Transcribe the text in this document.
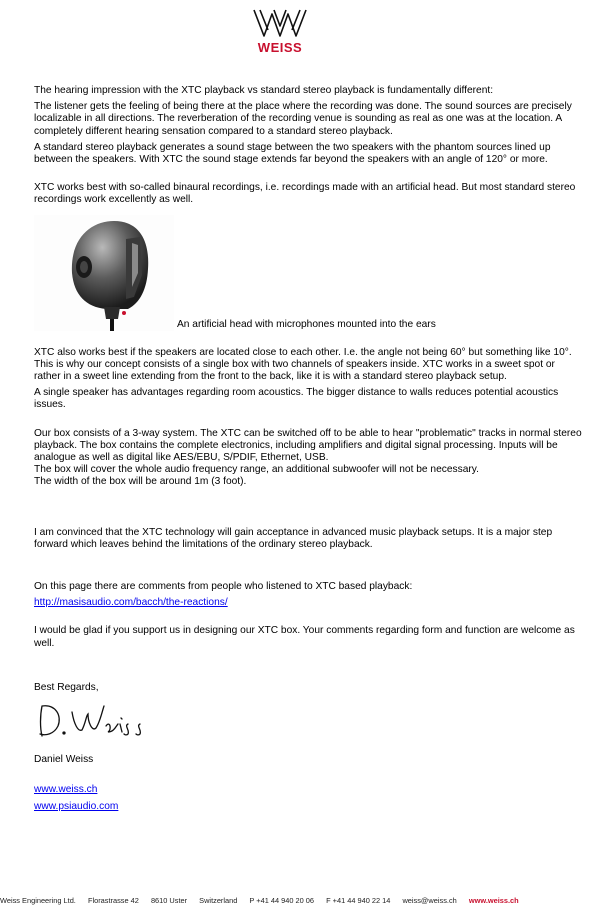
WEISS

The hearing impression with the XTC playback vs standard stereo playback is fundamentally different:

The listener gets the feeling of being there at the place where the recording was done. The sound sources are precisely localizable in all directions. The reverberation of the recording venue is sounding as real as one was at the location. A completely different hearing sensation compared to a standard stereo playback.

A standard stereo playback generates a sound stage between the two speakers with the phantom sources lined up between the speakers. With XTC the sound stage extends far beyond the speakers with an angle of 120° or more.

XTC works best with so-called binaural recordings, i.e. recordings made with an artificial head. But most standard stereo recordings work excellently as well.

An artificial head with microphones mounted into the ears

XTC also works best if the speakers are located close to each other. I.e. the angle not being 60° but something like 10°. This is why our concept consists of a single box with two channels of speakers inside. XTC works in a sweet spot or rather in a sweet line extending from the front to the back, like it is with a standard stereo playback setup.

A single speaker has advantages regarding room acoustics. The bigger distance to walls reduces potential acoustics issues.

Our box consists of a 3-way system. The XTC can be switched off to be able to hear "problematic" tracks in normal stereo playback. The box contains the complete electronics, including amplifiers and digital signal processing. Inputs will be analogue as well as digital like AES/EBU, S/PDIF, Ethernet, USB.

The box will cover the whole audio frequency range, an additional subwoofer will not be necessary.

The width of the box will be around 1m (3 foot).

I am convinced that the XTC technology will gain acceptance in advanced music playback setups. It is a major step forward which leaves behind the limitations of the ordinary stereo playback.

On this page there are comments from people who listened to XTC based playback:

http://masisaudio.com/bacch/the-reactions/

I would be glad if you support us in designing our XTC box. Your comments regarding form and function are welcome as well.

Best Regards,

Daniel Weiss

www.weiss.ch
www.psiaudio.com
Weiss Engineering Ltd. Florastrasse 42 8610 Uster Switzerland P +41 44 940 20 06 F +41 44 940 22 14 weiss@weiss.ch www.weiss.ch
